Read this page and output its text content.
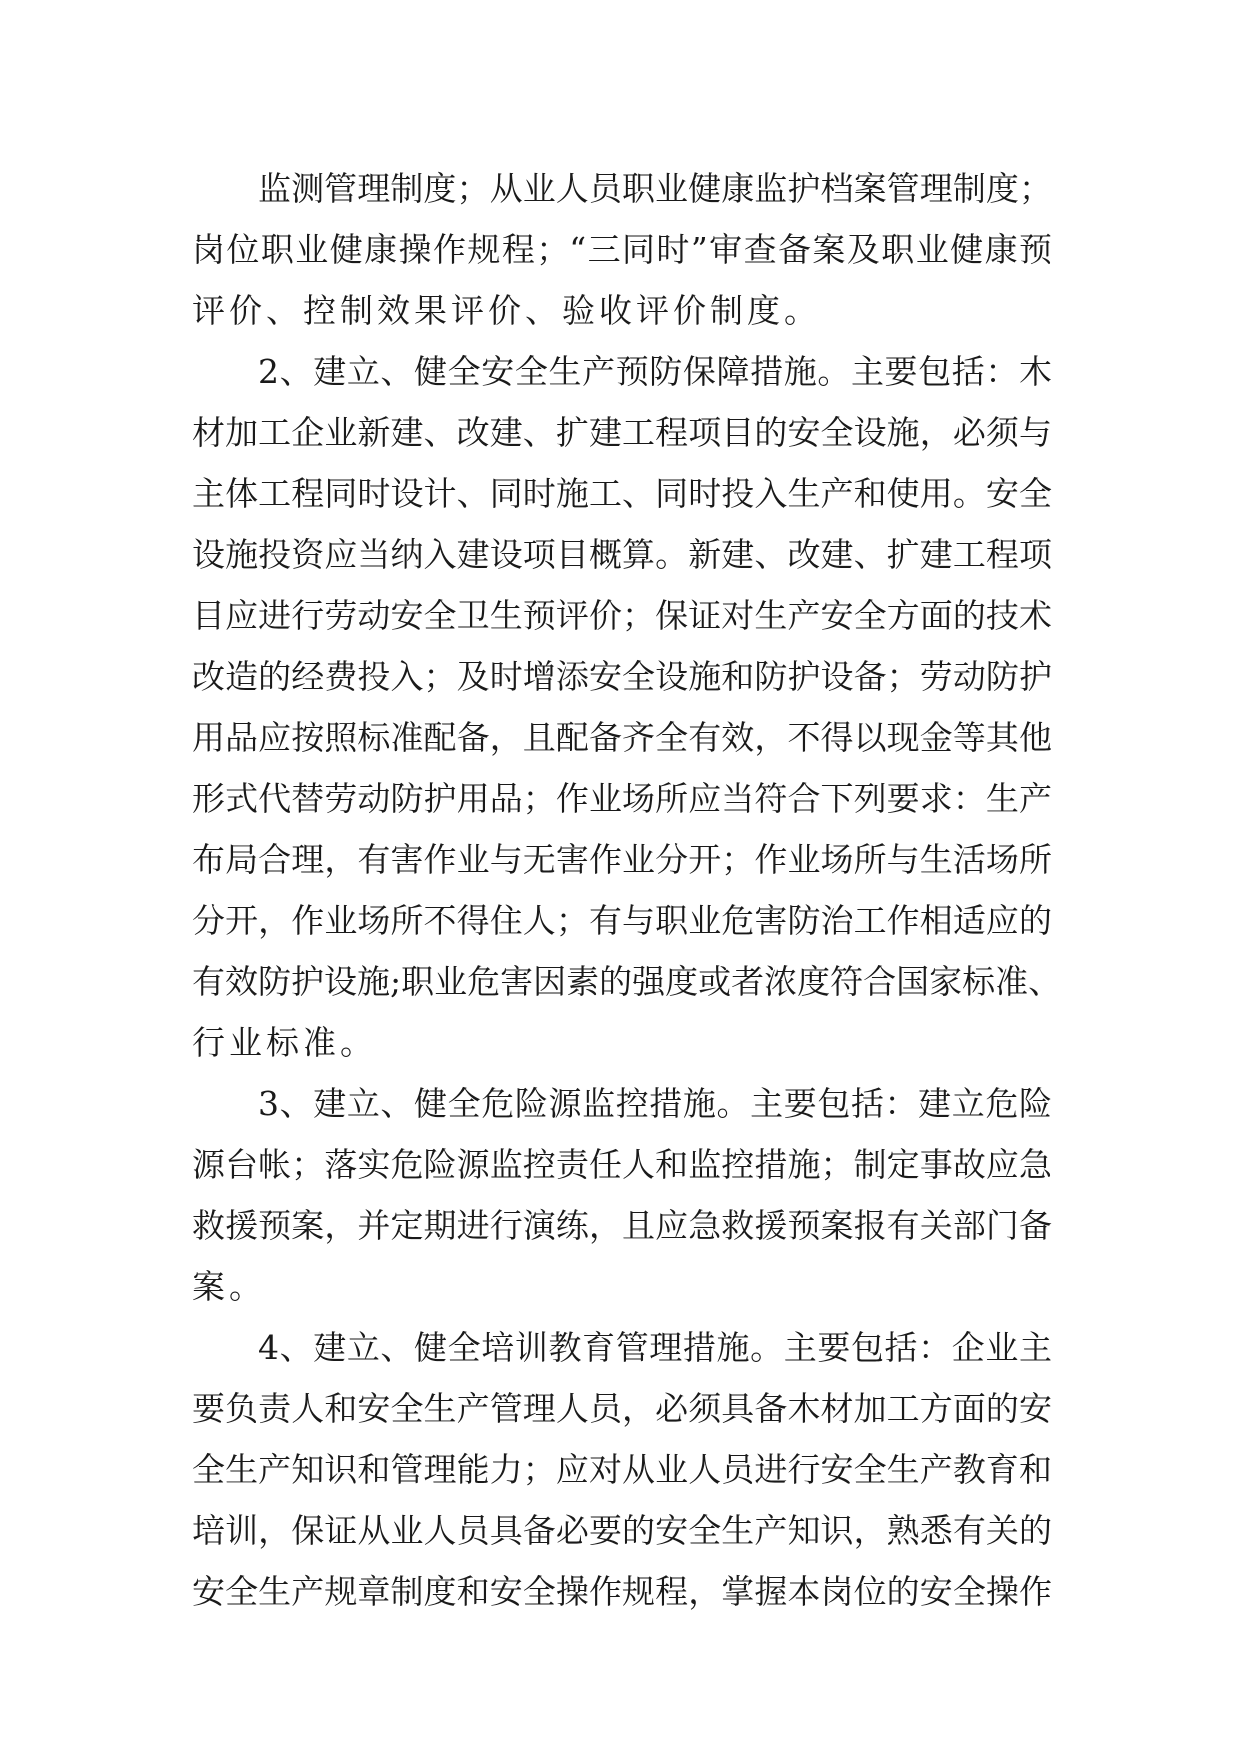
监测管理制度；从业人员职业健康监护档案管理制度；
岗位职业健康操作规程；“三同时”审查备案及职业健康预
评价、控制效果评价、验收评价制度。
2、建立、健全安全生产预防保障措施。主要包括：木
材加工企业新建、改建、扩建工程项目的安全设施，必须与
主体工程同时设计、同时施工、同时投入生产和使用。安全
设施投资应当纳入建设项目概算。新建、改建、扩建工程项
目应进行劳动安全卫生预评价；保证对生产安全方面的技术
改造的经费投入；及时增添安全设施和防护设备；劳动防护
用品应按照标准配备，且配备齐全有效，不得以现金等其他
形式代替劳动防护用品；作业场所应当符合下列要求：生产
布局合理，有害作业与无害作业分开；作业场所与生活场所
分开，作业场所不得住人；有与职业危害防治工作相适应的
有效防护设施;职业危害因素的强度或者浓度符合国家标准、
行业标准。
3、建立、健全危险源监控措施。主要包括：建立危险
源台帐；落实危险源监控责任人和监控措施；制定事故应急
救援预案，并定期进行演练，且应急救援预案报有关部门备
案。
4、建立、健全培训教育管理措施。主要包括：企业主
要负责人和安全生产管理人员，必须具备木材加工方面的安
全生产知识和管理能力；应对从业人员进行安全生产教育和
培训，保证从业人员具备必要的安全生产知识，熟悉有关的
安全生产规章制度和安全操作规程，掌握本岗位的安全操作
